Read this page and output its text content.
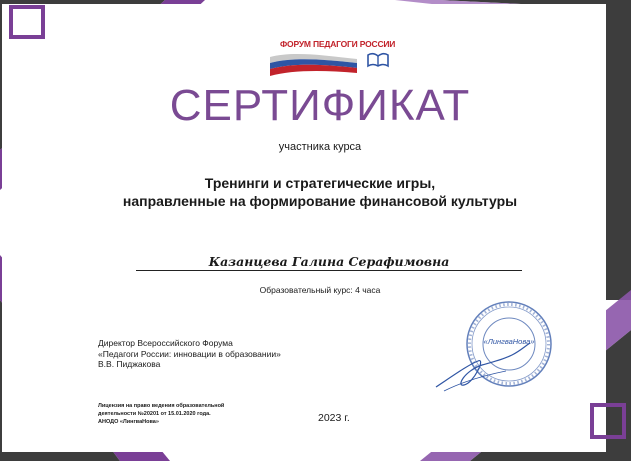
ФОРУМ ПЕДАГОГИ РОССИИ
СЕРТИФИКАТ
участника курса
Тренинги и стратегические игры,
направленные на формирование финансовой культуры
Казанцева Галина Серафимовна
Образовательный курс: 4 часа
Директор Всероссийского Форума
«Педагоги России: инновации в образовании»
В.В. Пиджакова
«ЛингваНова»
Лицензия на право ведения образовательной
деятельности №20201 от 15.01.2020 года.
АНОДО «ЛингваНова»	2023 г.
